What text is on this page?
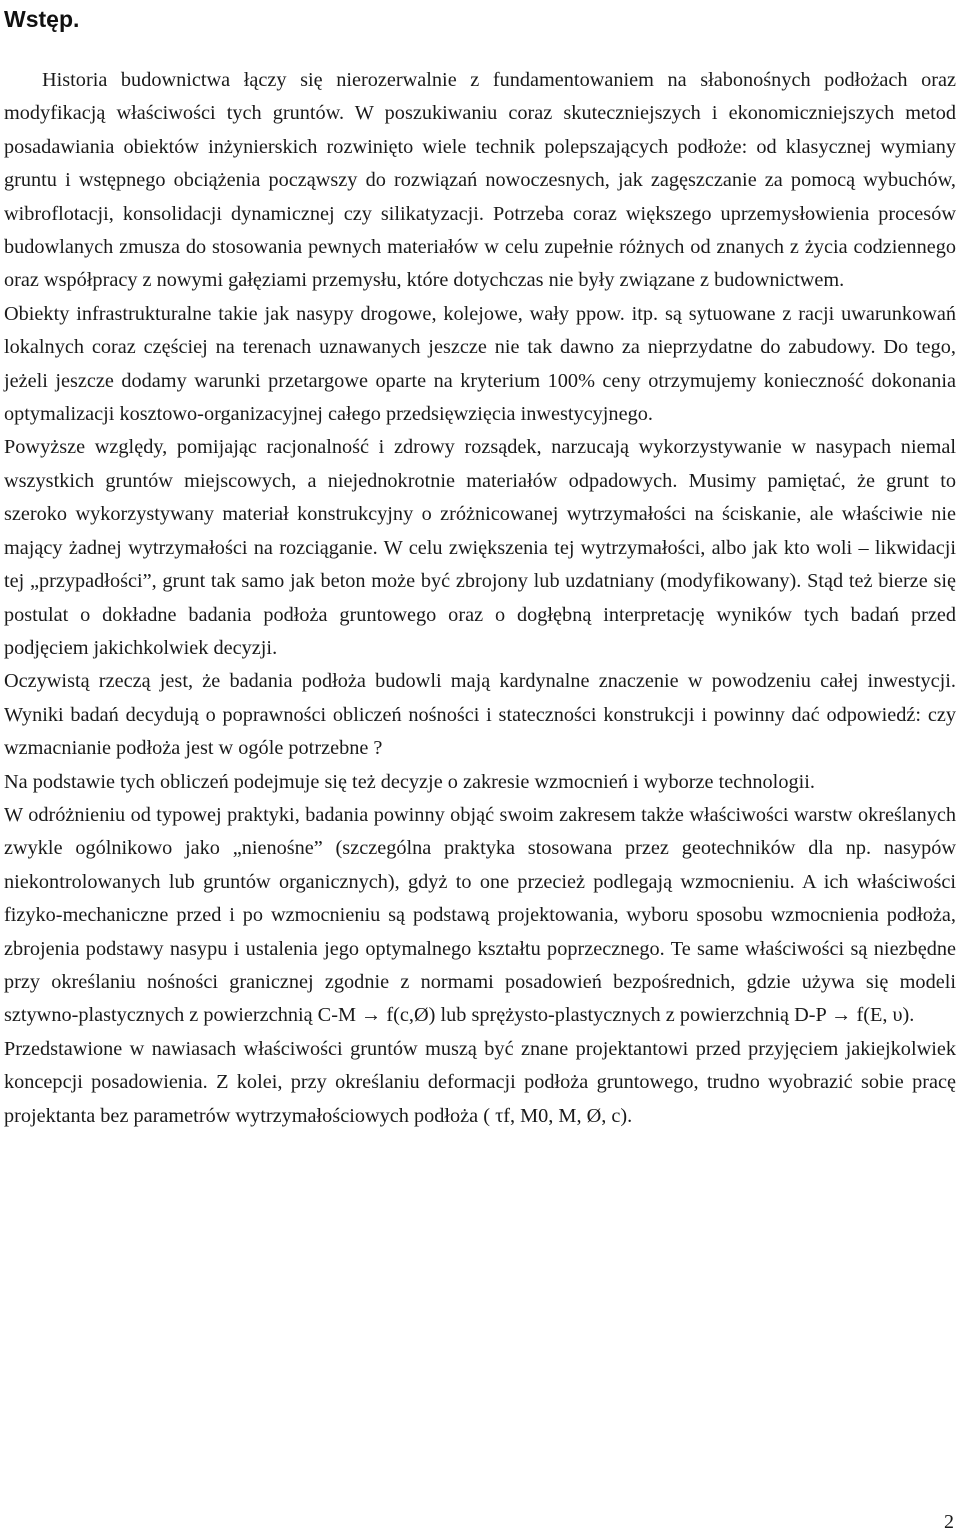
Wstęp.

Historia budownictwa łączy się nierozerwalnie z fundamentowaniem na słabonośnych podłożach oraz modyfikacją właściwości tych gruntów. W poszukiwaniu coraz skuteczniejszych i ekonomiczniejszych metod posadawiania obiektów inżynierskich rozwinięto wiele technik polepszających podłoże: od klasycznej wymiany gruntu i wstępnego obciążenia począwszy do rozwiązań nowoczesnych, jak zagęszczanie za pomocą wybuchów, wibroflotacji, konsolidacji dynamicznej czy silikatyzacji. Potrzeba coraz większego uprzemysłowienia procesów budowlanych zmusza do stosowania pewnych materiałów w celu zupełnie różnych od znanych z życia codziennego oraz współpracy z nowymi gałęziami przemysłu, które dotychczas nie były związane z budownictwem.

Obiekty infrastrukturalne takie jak nasypy drogowe, kolejowe, wały ppow. itp. są sytuowane z racji uwarunkowań lokalnych coraz częściej na terenach uznawanych jeszcze nie tak dawno za nieprzydatne do zabudowy. Do tego, jeżeli jeszcze dodamy warunki przetargowe oparte na kryterium 100% ceny otrzymujemy konieczność dokonania optymalizacji kosztowo-organizacyjnej całego przedsięwzięcia inwestycyjnego.

Powyższe względy, pomijając racjonalność i zdrowy rozsądek, narzucają wykorzystywanie w nasypach niemal wszystkich gruntów miejscowych, a niejednokrotnie materiałów odpadowych. Musimy pamiętać, że grunt to szeroko wykorzystywany materiał konstrukcyjny o zróżnicowanej wytrzymałości na ściskanie, ale właściwie nie mający żadnej wytrzymałości na rozciąganie. W celu zwiększenia tej wytrzymałości, albo jak kto woli – likwidacji tej „przypadłości”, grunt tak samo jak beton może być zbrojony lub uzdatniany (modyfikowany). Stąd też bierze się postulat o dokładne badania podłoża gruntowego oraz o dogłębną interpretację wyników tych badań przed podjęciem jakichkolwiek decyzji.

Oczywistą rzeczą jest, że badania podłoża budowli mają kardynalne znaczenie w powodzeniu całej inwestycji. Wyniki badań decydują o poprawności obliczeń nośności i stateczności konstrukcji i powinny dać odpowiedź: czy wzmacnianie podłoża jest w ogóle potrzebne ?

Na podstawie tych obliczeń podejmuje się też decyzje o zakresie wzmocnień i wyborze technologii.

W odróżnieniu od typowej praktyki, badania powinny objąć swoim zakresem także właściwości warstw określanych zwykle ogólnikowo jako „nienośne” (szczególna praktyka stosowana przez geotechników dla np. nasypów niekontrolowanych lub gruntów organicznych), gdyż to one przecież podlegają wzmocnieniu. A ich właściwości fizyko-mechaniczne przed i po wzmocnieniu są podstawą projektowania, wyboru sposobu wzmocnienia podłoża, zbrojenia podstawy nasypu i ustalenia jego optymalnego kształtu poprzecznego. Te same właściwości są niezbędne przy określaniu nośności granicznej zgodnie z normami posadowień bezpośrednich, gdzie używa się modeli sztywno-plastycznych z powierzchnią C-M → f(c,Ø) lub sprężysto-plastycznych z powierzchnią D-P → f(E, υ).

Przedstawione w nawiasach właściwości gruntów muszą być znane projektantowi przed przyjęciem jakiejkolwiek koncepcji posadowienia. Z kolei, przy określaniu deformacji podłoża gruntowego, trudno wyobrazić sobie pracę projektanta bez parametrów wytrzymałościowych podłoża ( τf, M0, M, Ø, c).

2
